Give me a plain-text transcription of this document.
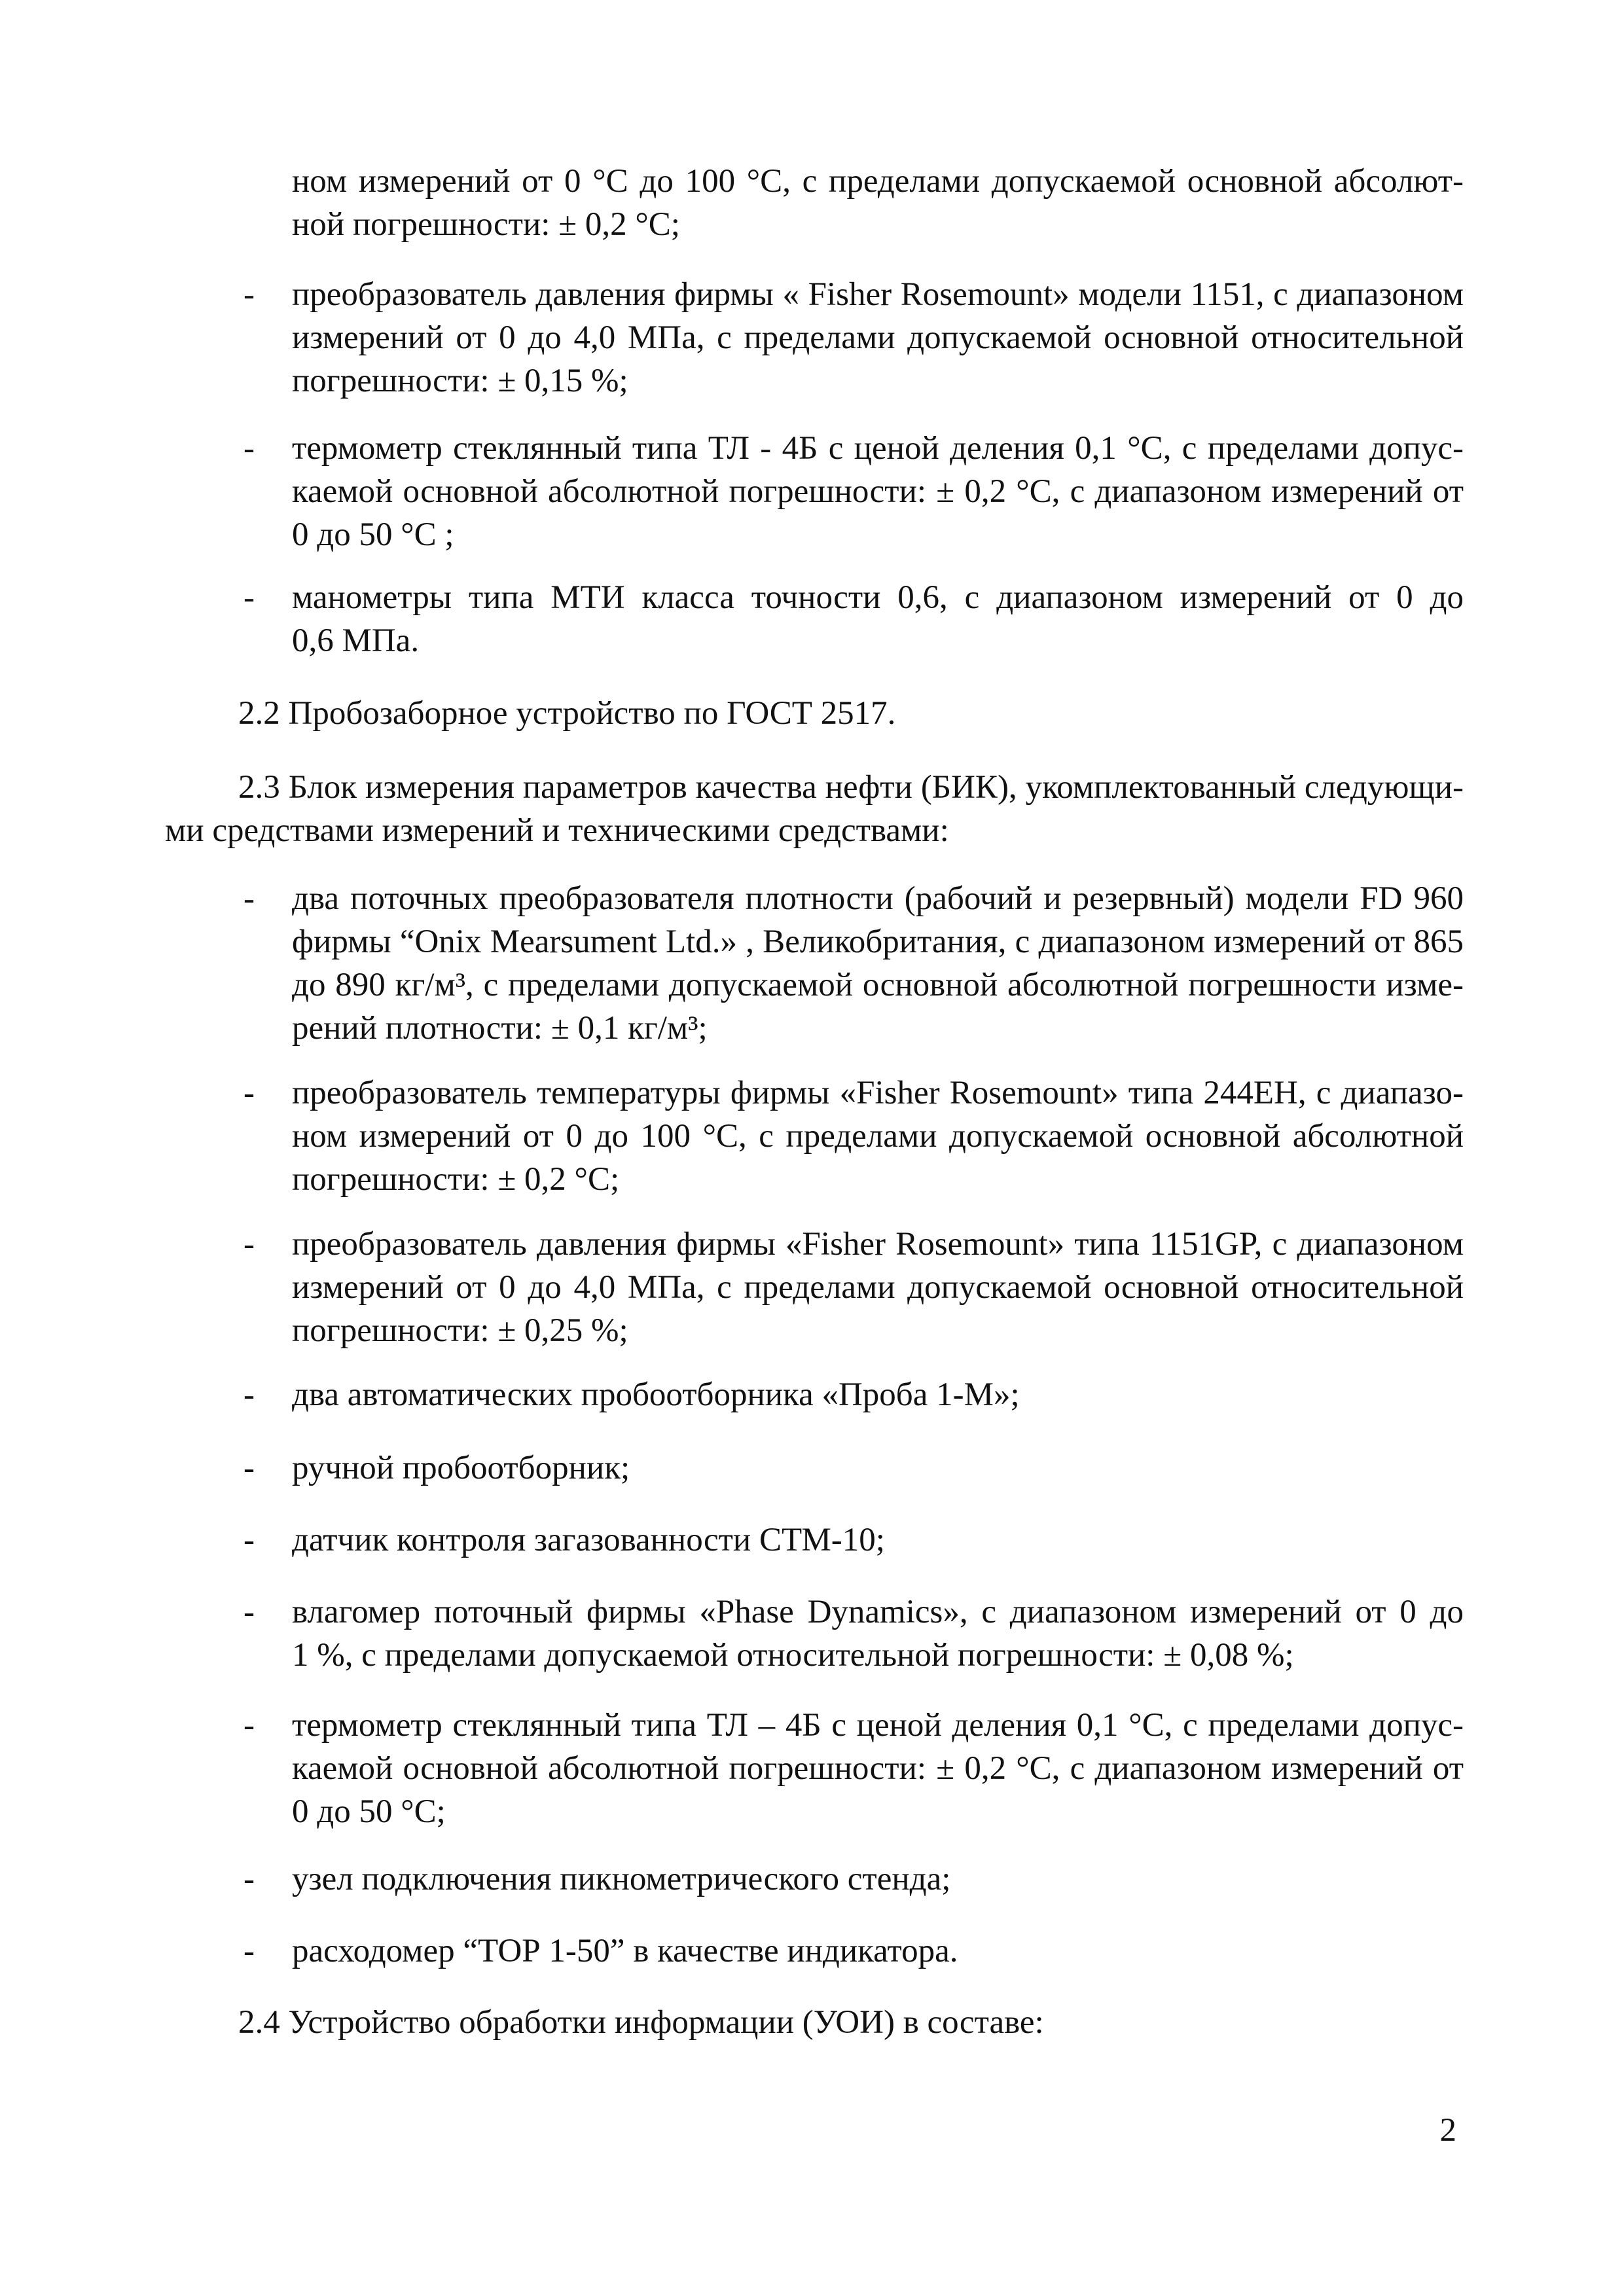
ном измерений от 0 °С до 100 °С, с пределами допускаемой основной абсолют-
ной погрешности: ± 0,2 °С;
- преобразователь давления фирмы « Fisher Rosemount» модели 1151, с диапазоном
измерений от 0 до 4,0 МПа, с пределами допускаемой основной относительной
погрешности: ± 0,15 %;
- термометр стеклянный типа ТЛ - 4Б с ценой деления 0,1 °С, с пределами допус-
каемой основной абсолютной погрешности: ± 0,2 °С, с диапазоном измерений от
0 до 50 °С ;
- манометры типа МТИ класса точности 0,6, с диапазоном измерений от 0 до
0,6 МПа.
2.2 Пробозаборное устройство по ГОСТ 2517.
2.3 Блок измерения параметров качества нефти (БИК), укомплектованный следующи-
ми средствами измерений и техническими средствами:
- два поточных преобразователя плотности (рабочий и резервный) модели FD 960
фирмы “Onix Mearsument Ltd.» , Великобритания, с диапазоном измерений от 865
до 890 кг/м³, с пределами допускаемой основной абсолютной погрешности изме-
рений плотности: ± 0,1 кг/м³;
- преобразователь температуры фирмы «Fisher Rosemount» типа 244ЕН, с диапазо-
ном измерений от 0 до 100 °С, с пределами допускаемой основной абсолютной
погрешности: ± 0,2 °С;
- преобразователь давления фирмы «Fisher Rosemount» типа 1151GP, с диапазоном
измерений от 0 до 4,0 МПа, с пределами допускаемой основной относительной
погрешности: ± 0,25 %;
- два автоматических пробоотборника «Проба 1-М»;
- ручной пробоотборник;
- датчик контроля загазованности СТМ-10;
- влагомер поточный фирмы «Phase Dynamics», с диапазоном измерений от 0 до
1 %, с пределами допускаемой относительной погрешности: ± 0,08 %;
- термометр стеклянный типа ТЛ – 4Б с ценой деления 0,1 °С, с пределами допус-
каемой основной абсолютной погрешности: ± 0,2 °С, с диапазоном измерений от
0 до 50 °С;
- узел подключения пикнометрического стенда;
- расходомер “ТОР 1-50” в качестве индикатора.
2.4 Устройство обработки информации (УОИ) в составе:
2
